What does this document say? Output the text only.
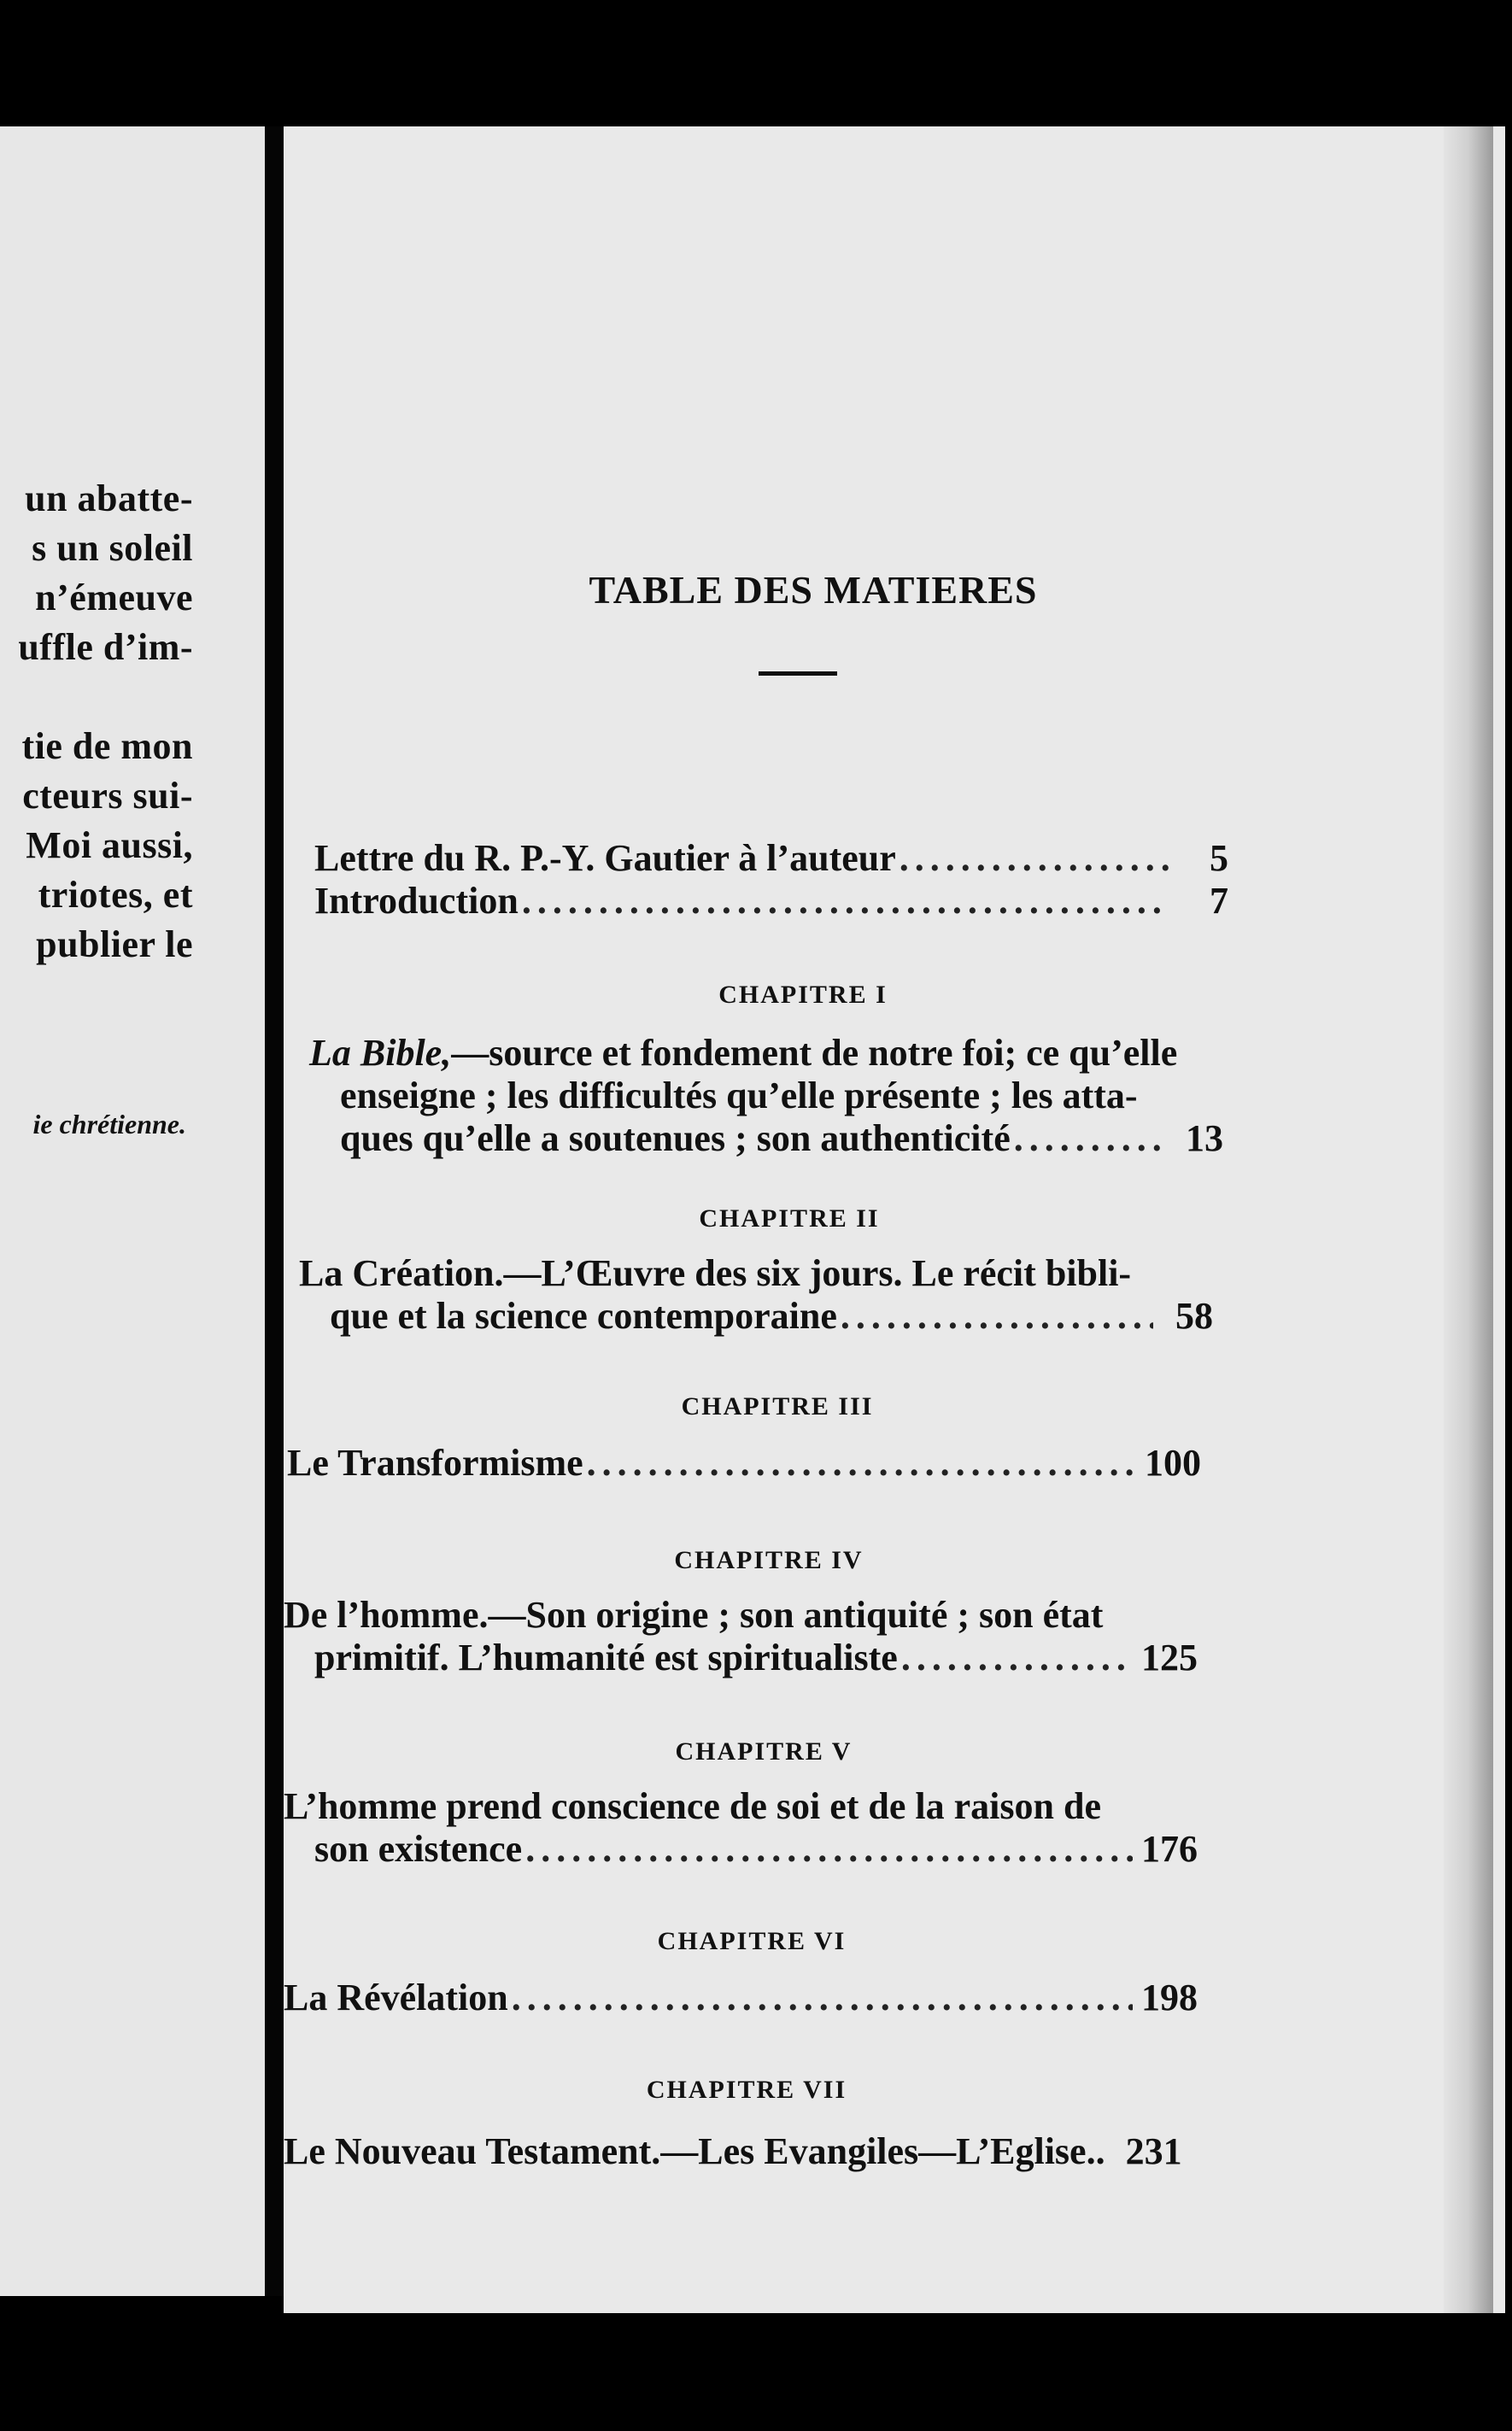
un abatte-
s un soleil
n’émeuve
uffle d’im-
tie de mon
cteurs sui-
Moi aussi,
triotes, et
publier le
ie chrétienne.
TABLE DES MATIERES
Lettre du R. P.-Y. Gautier à l’auteur .....	5
Introduction .....	7
CHAPITRE I
La Bible,—source et fondement de notre foi; ce qu’elle
enseigne ; les difficultés qu’elle présente ; les atta-
ques qu’elle a soutenues ; son authenticité .....	13
CHAPITRE II
La Création.—L’Œuvre des six jours. Le récit bibli-
que et la science contemporaine .....	58
CHAPITRE III
Le Transformisme .....	100
CHAPITRE IV
De l’homme.—Son origine ; son antiquité ; son état
primitif. L’humanité est spiritualiste .....	125
CHAPITRE V
L’homme prend conscience de soi et de la raison de
son existence .....	176
CHAPITRE VI
La Révélation .....	198
CHAPITRE VII
Le Nouveau Testament.—Les Evangiles—L’Eglise.. 231
